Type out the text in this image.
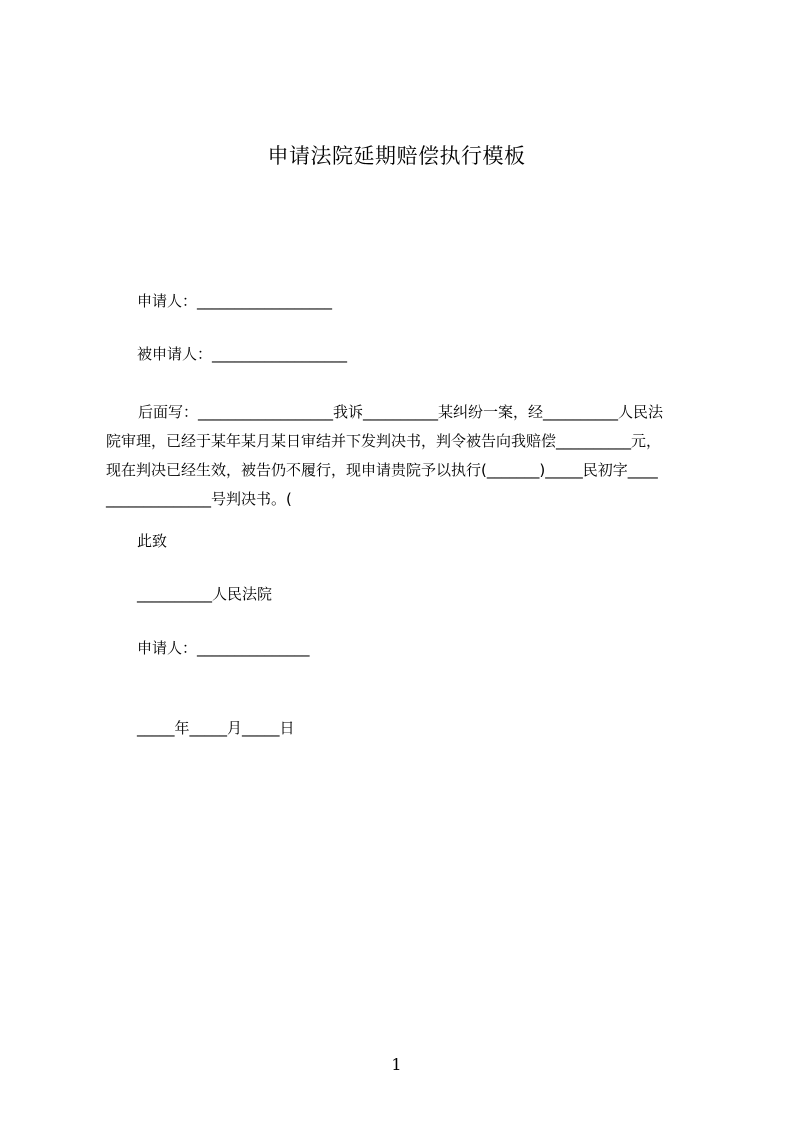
申请法院延期赔偿执行模板
申请人：__________________
被申请人：__________________
后面写：__________________我诉__________某纠纷一案，经__________人民法
院审理，已经于某年某月某日审结并下发判决书，判令被告向我赔偿__________元，
现在判决已经生效，被告仍不履行，现申请贵院予以执行(_______)_____民初字____
______________号判决书。(
此致
__________人民法院
申请人：_______________
_____年_____月_____日
1
